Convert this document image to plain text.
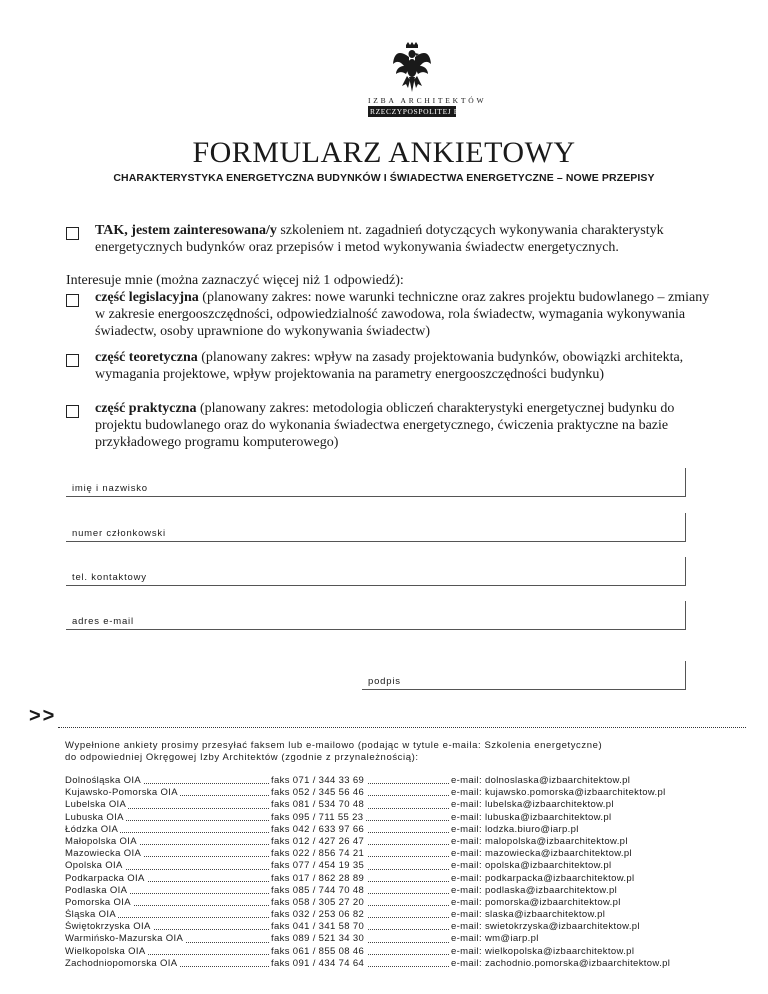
IZBA ARCHITEKTÓW
RZECZYPOSPOLITEJ POLSKIEJ
FORMULARZ ANKIETOWY
CHARAKTERYSTYKA ENERGETYCZNA BUDYNKÓW I ŚWIADECTWA ENERGETYCZNE – NOWE PRZEPISY
TAK, jestem zainteresowana/y szkoleniem nt. zagadnień dotyczących wykonywania charakterystyk energetycznych budynków oraz przepisów i metod wykonywania świadectw energetycznych.
Interesuje mnie (można zaznaczyć więcej niż 1 odpowiedź):
część legislacyjna (planowany zakres: nowe warunki techniczne oraz zakres projektu budowlanego – zmiany w zakresie energooszczędności, odpowiedzialność zawodowa, rola świadectw, wymagania wykonywania świadectw, osoby uprawnione do wykonywania świadectw)
część teoretyczna (planowany zakres: wpływ na zasady projektowania budynków, obowiązki architekta, wymagania projektowe, wpływ projektowania na parametry energooszczędności budynku)
część praktyczna (planowany zakres: metodologia obliczeń charakterystyki energetycznej budynku do projektu budowlanego oraz do wykonania świadectwa energetycznego, ćwiczenia praktyczne na bazie przykładowego programu komputerowego)
imię i nazwisko
numer członkowski
tel. kontaktowy
adres e-mail
podpis
>>
Wypełnione ankiety prosimy przesyłać faksem lub e-mailowo (podając w tytule e-maila: Szkolenia energetyczne)
do odpowiedniej Okręgowej Izby Architektów (zgodnie z przynależnością):
Dolnośląska OIA	faks 071 / 344 33 69	e-mail: dolnoslaska@izbaarchitektow.pl
Kujawsko-Pomorska OIA	faks 052 / 345 56 46	e-mail: kujawsko.pomorska@izbaarchitektow.pl
Lubelska OIA	faks 081 / 534 70 48	e-mail: lubelska@izbaarchitektow.pl
Lubuska OIA	faks 095 / 711 55 23	e-mail: lubuska@izbaarchitektow.pl
Łódzka OIA	faks 042 / 633 97 66	e-mail: lodzka.biuro@iarp.pl
Małopolska OIA	faks 012 / 427 26 47	e-mail: malopolska@izbaarchitektow.pl
Mazowiecka OIA	faks 022 / 856 74 21	e-mail: mazowiecka@izbaarchitektow.pl
Opolska OIA	faks 077 / 454 19 35	e-mail: opolska@izbaarchitektow.pl
Podkarpacka OIA	faks 017 / 862 28 89	e-mail: podkarpacka@izbaarchitektow.pl
Podlaska OIA	faks 085 / 744 70 48	e-mail: podlaska@izbaarchitektow.pl
Pomorska OIA	faks 058 / 305 27 20	e-mail: pomorska@izbaarchitektow.pl
Śląska OIA	faks 032 / 253 06 82	e-mail: slaska@izbaarchitektow.pl
Świętokrzyska OIA	faks 041 / 341 58 70	e-mail: swietokrzyska@izbaarchitektow.pl
Warmińsko-Mazurska OIA	faks 089 / 521 34 30	e-mail: wm@iarp.pl
Wielkopolska OIA	faks 061 / 855 08 46	e-mail: wielkopolska@izbaarchitektow.pl
Zachodniopomorska OIA	faks 091 / 434 74 64	e-mail: zachodnio.pomorska@izbaarchitektow.pl
